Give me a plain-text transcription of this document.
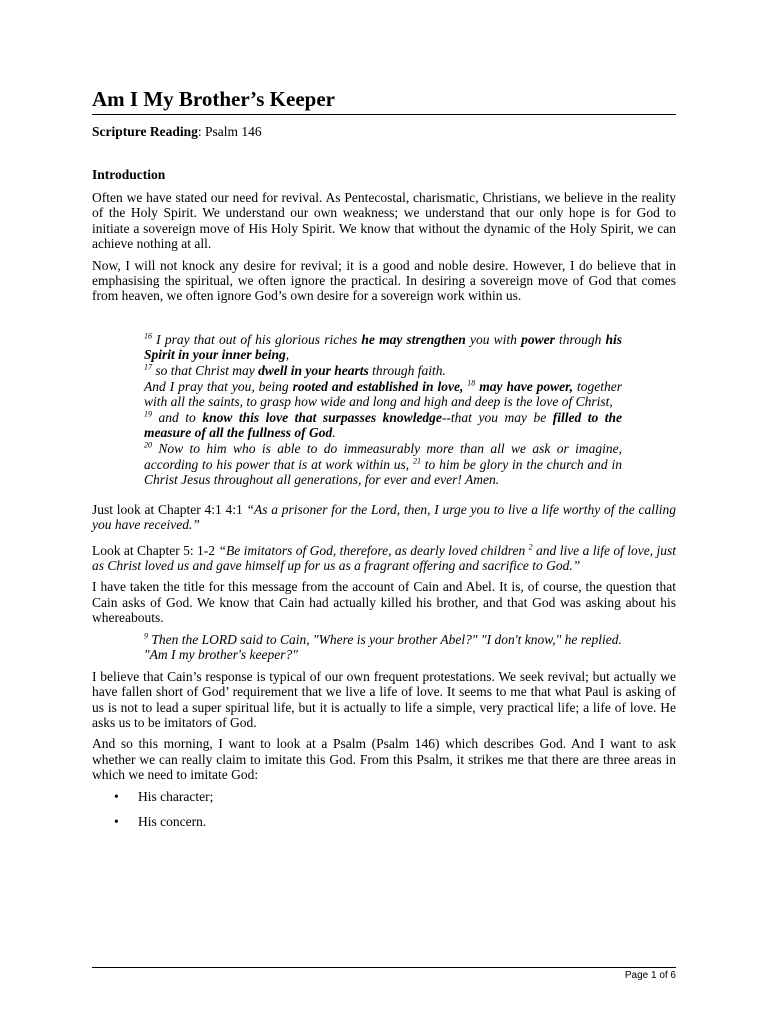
Am I My Brother’s Keeper
Scripture Reading: Psalm 146
Introduction

Often we have stated our need for revival. As Pentecostal, charismatic, Christians, we believe in the reality of the Holy Spirit. We understand our own weakness; we understand that our only hope is for God to initiate a sovereign move of His Holy Spirit. We know that without the dynamic of the Holy Spirit, we can achieve nothing at all.

Now, I will not knock any desire for revival; it is a good and noble desire. However, I do believe that in emphasising the spiritual, we often ignore the practical. In desiring a sovereign move of God that comes from heaven, we often ignore God’s own desire for a sovereign work within us.

$^{16}$ I pray that out of his glorious riches he may strengthen you with power through his Spirit in your inner being,
$^{17}$ so that Christ may dwell in your hearts through faith.
And I pray that you, being rooted and established in love, $^{18}$ may have power, together with all the saints, to grasp how wide and long and high and deep is the love of Christ,
$^{19}$ and to know this love that surpasses knowledge--that you may be filled to the measure of all the fullness of God.
$^{20}$ Now to him who is able to do immeasurably more than all we ask or imagine, according to his power that is at work within us, $^{21}$ to him be glory in the church and in Christ Jesus throughout all generations, for ever and ever! Amen.

Just look at Chapter 4:1 4:1 “As a prisoner for the Lord, then, I urge you to live a life worthy of the calling you have received.”

Look at Chapter 5: 1-2 “Be imitators of God, therefore, as dearly loved children $^2$ and live a life of love, just as Christ loved us and gave himself up for us as a fragrant offering and sacrifice to God.”

I have taken the title for this message from the account of Cain and Abel. It is, of course, the question that Cain asks of God. We know that Cain had actually killed his brother, and that God was asking about his whereabouts.

$^9$ Then the LORD said to Cain, "Where is your brother Abel?" "I don't know," he replied. "Am I my brother's keeper?"

I believe that Cain’s response is typical of our own frequent protestations. We seek revival; but actually we have fallen short of God’ requirement that we live a life of love. It seems to me that what Paul is asking of us is not to lead a super spiritual life, but it is actually to life a simple, very practical life; a life of love. He asks us to be imitators of God.

And so this morning, I want to look at a Psalm (Psalm 146) which describes God. And I want to ask whether we can really claim to imitate this God. From this Psalm, it strikes me that there are three areas in which we need to imitate God:

• His character;
• His concern.
Page 1 of 6
